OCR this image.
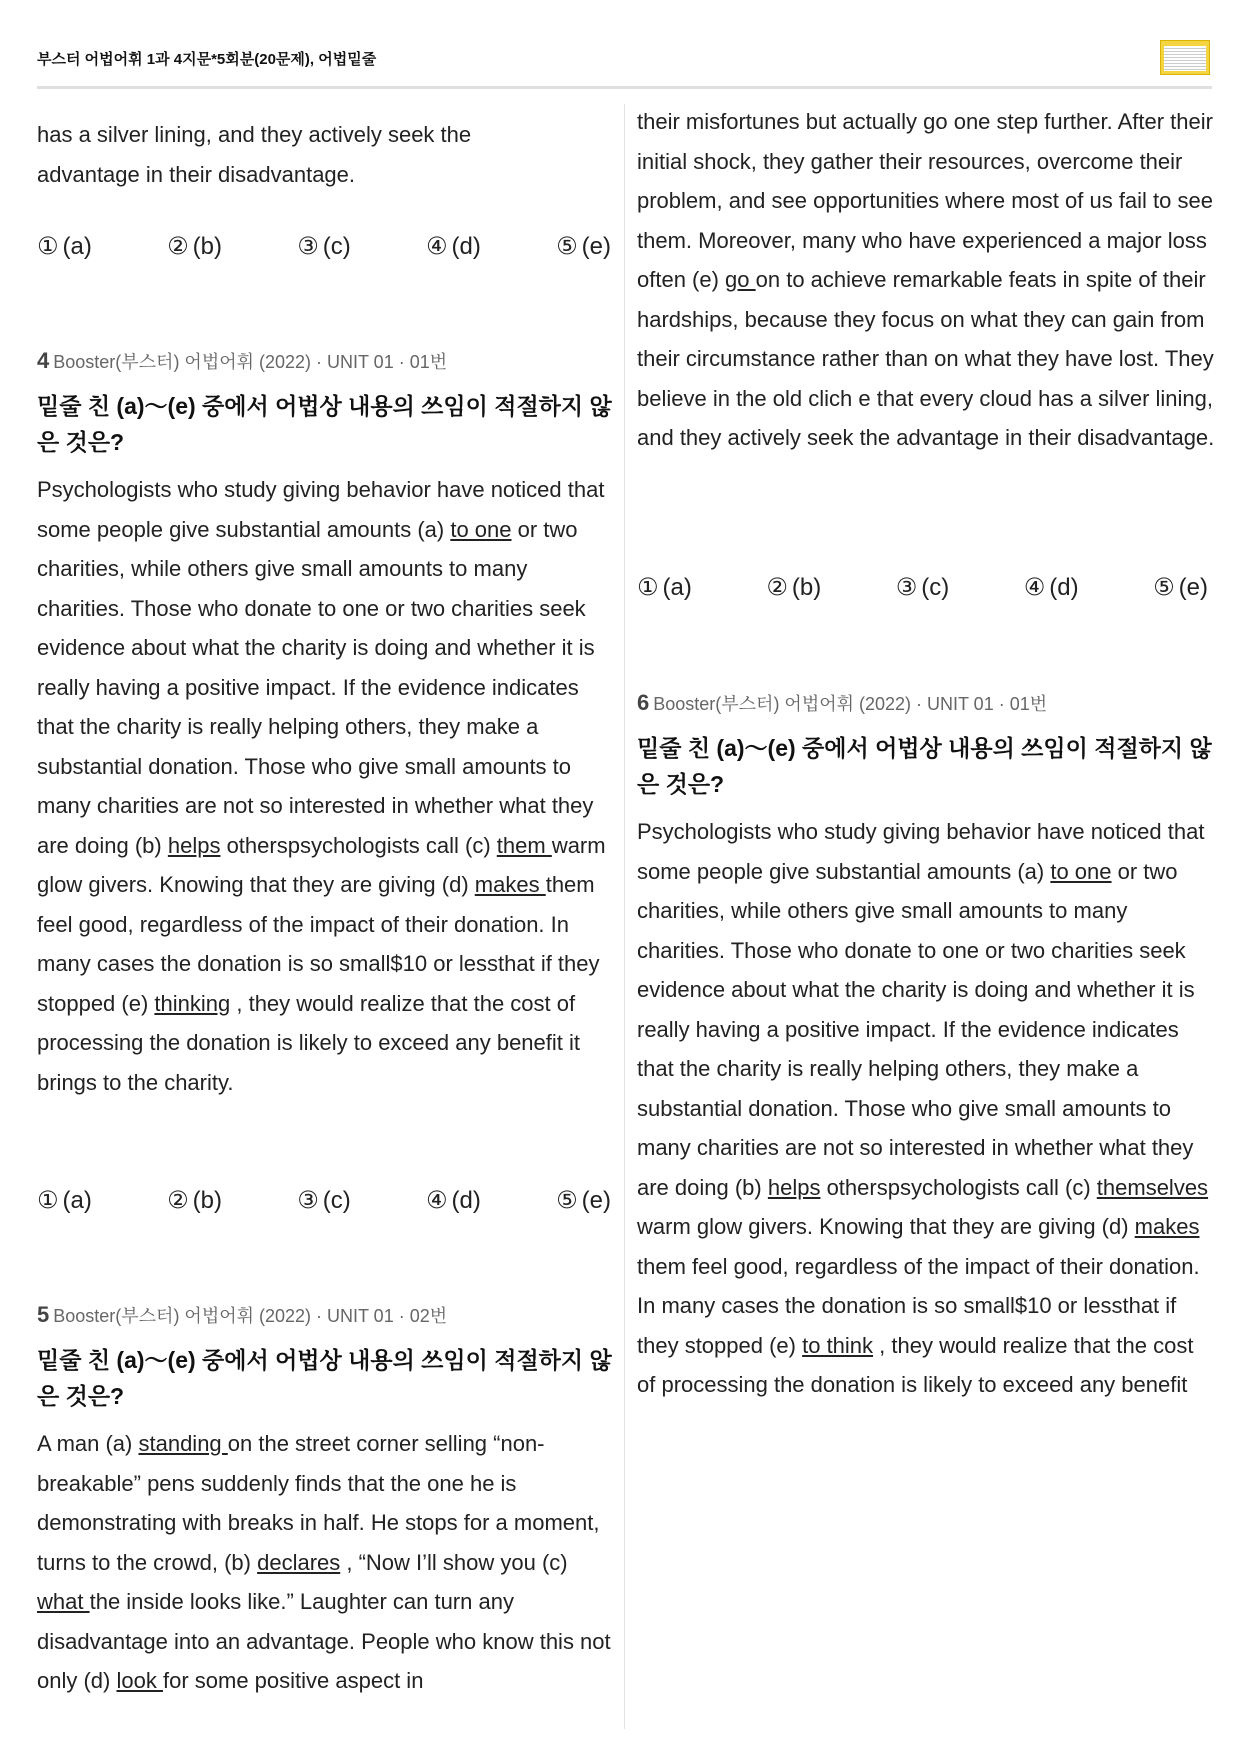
부스터 어법어휘 1과 4지문*5회분(20문제), 어법밑줄

has a silver lining, and they actively seek the
advantage in their disadvantage.

① (a)	② (b)	③ (c)	④ (d)	⑤ (e)
4 Booster(부스터) 어법어휘 (2022) · UNIT 01 · 01번
밑줄 친 (a)～(e) 중에서 어법상 내용의 쓰임이 적절하지 않은 것은?

Psychologists who study giving behavior have noticed that some people give substantial amounts (a) to one or two charities, while others give small amounts to many charities. Those who donate to one or two charities seek evidence about what the charity is doing and whether it is really having a positive impact. If the evidence indicates that the charity is really helping others, they make a substantial donation. Those who give small amounts to many charities are not so interested in whether what they are doing (b) helps otherspsychologists call (c) them warm glow givers. Knowing that they are giving (d) makes them feel good, regardless of the impact of their donation. In many cases the donation is so small$10 or lessthat if they stopped (e) thinking , they would realize that the cost of processing the donation is likely to exceed any benefit it brings to the charity.

① (a)	② (b)	③ (c)	④ (d)	⑤ (e)
5 Booster(부스터) 어법어휘 (2022) · UNIT 01 · 02번
밑줄 친 (a)～(e) 중에서 어법상 내용의 쓰임이 적절하지 않은 것은?

A man (a) standing on the street corner selling “non-breakable” pens suddenly finds that the one he is demonstrating with breaks in half. He stops for a moment, turns to the crowd, (b) declares , “Now I’ll show you (c) what the inside looks like.” Laughter can turn any disadvantage into an advantage. People who know this not only (d) look for some positive aspect in

their misfortunes but actually go one step further. After their initial shock, they gather their resources, overcome their problem, and see opportunities where most of us fail to see them. Moreover, many who have experienced a major loss often (e) go on to achieve remarkable feats in spite of their hardships, because they focus on what they can gain from their circumstance rather than on what they have lost. They believe in the old clich e that every cloud has a silver lining, and they actively seek the advantage in their disadvantage.

① (a)	② (b)	③ (c)	④ (d)	⑤ (e)
6 Booster(부스터) 어법어휘 (2022) · UNIT 01 · 01번
밑줄 친 (a)～(e) 중에서 어법상 내용의 쓰임이 적절하지 않은 것은?

Psychologists who study giving behavior have noticed that some people give substantial amounts (a) to one or two charities, while others give small amounts to many charities. Those who donate to one or two charities seek evidence about what the charity is doing and whether it is really having a positive impact. If the evidence indicates that the charity is really helping others, they make a substantial donation. Those who give small amounts to many charities are not so interested in whether what they are doing (b) helps otherspsychologists call (c) themselves warm glow givers. Knowing that they are giving (d) makes them feel good, regardless of the impact of their donation. In many cases the donation is so small$10 or lessthat if they stopped (e) to think , they would realize that the cost of processing the donation is likely to exceed any benefit
